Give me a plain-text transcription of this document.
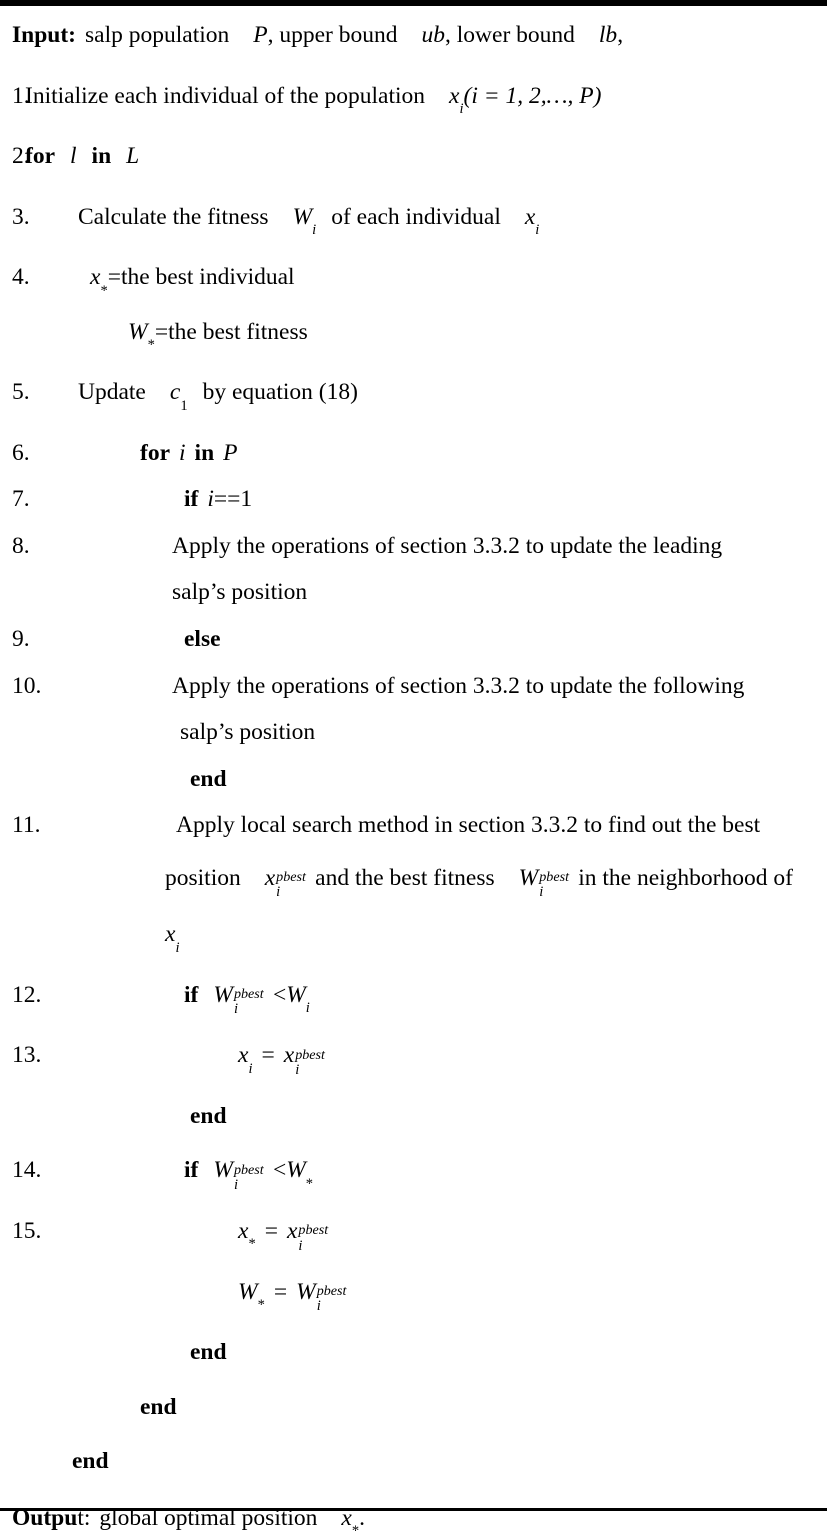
Input: salp population P, upper bound ub, lower bound lb,
1.
Initialize each individual of the population $x_i(i = 1$, 2,…, P)
2.
for l in L
3.	Calculate the fitness $W_iof$ each individual $x_i$
4.	$x_*=the$ best individual
$W_*=the$ best fitness
5.	Update $c_1by$ equation (18)
6.	for i in P
7.	if i==1
8.	Apply the operations of section 3.3.2 to update the leading
salp’s position
9.	else
10.	Apply the operations of section 3.3.2 to update the following
salp’s position
end
11.	Apply local search method in section 3.3.2 to find out the best
position x pbest
i
and the best fitness W pbest
i
in the neighborhood of
$x_i$
12.	if W pbest
i
$<W_i$
13.	$x_i= x$ pbest
i
end
14.	if W pbest
i
$<W_*$
15.	$x_*= x$ pbest
i
$W_*= W$ pbest
i
end
end
end
Output: global optimal position $x_*$.
